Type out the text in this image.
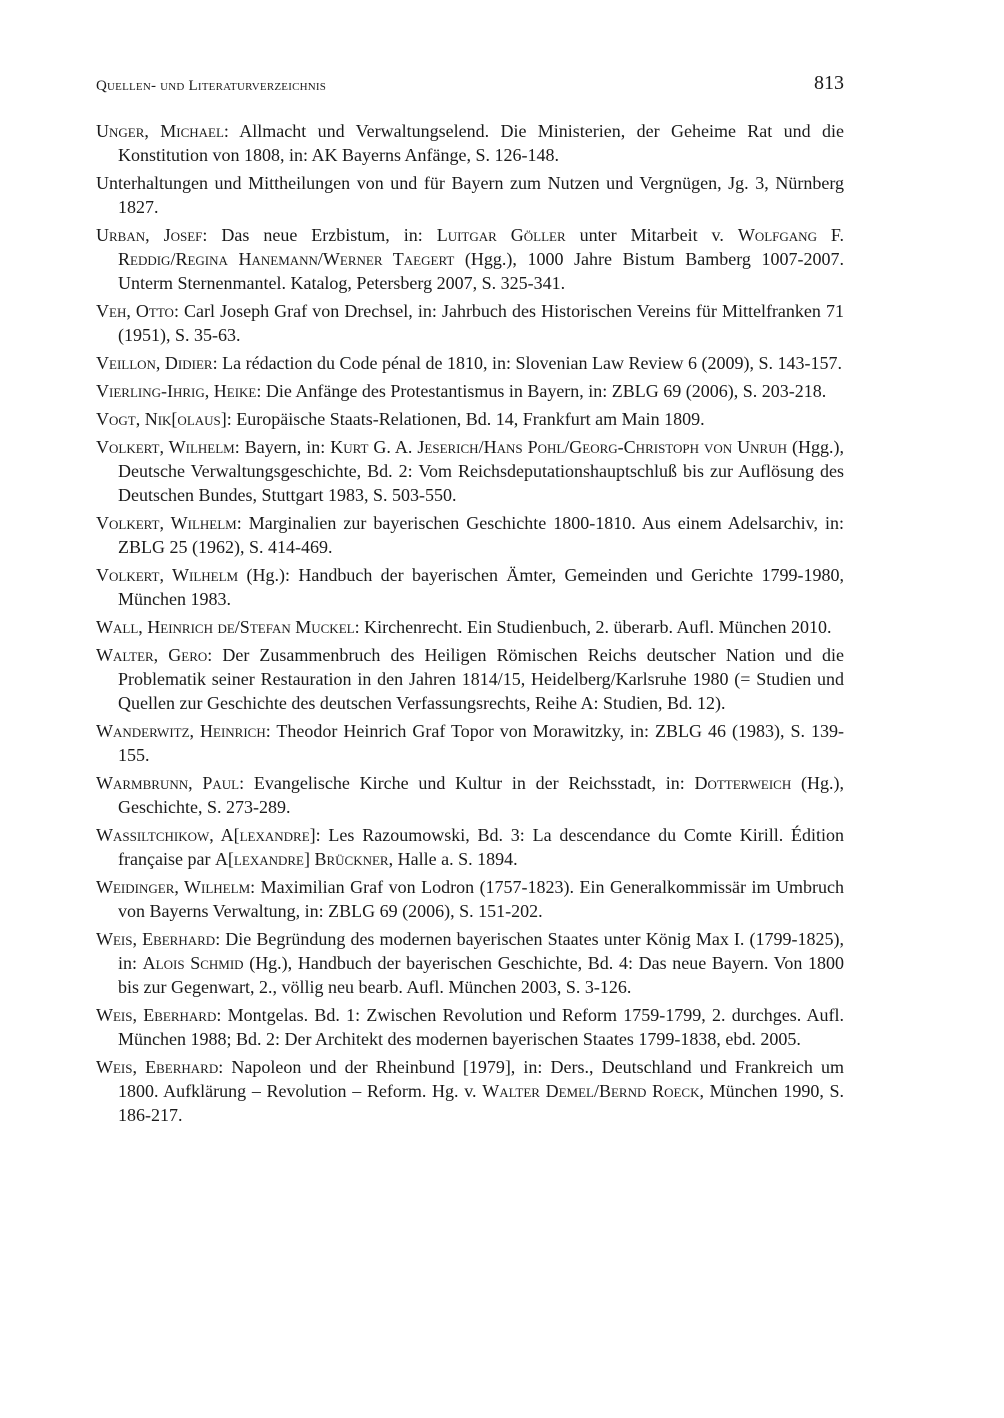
Quellen- und Literaturverzeichnis	813

Unger, Michael: Allmacht und Verwaltungselend. Die Ministerien, der Geheime Rat und die Konstitution von 1808, in: AK Bayerns Anfänge, S. 126-148.

Unterhaltungen und Mittheilungen von und für Bayern zum Nutzen und Vergnügen, Jg. 3, Nürnberg 1827.

Urban, Josef: Das neue Erzbistum, in: Luitgar Göller unter Mitarbeit v. Wolfgang F. Reddig/Regina Hanemann/Werner Taegert (Hgg.), 1000 Jahre Bistum Bamberg 1007-2007. Unterm Sternenmantel. Katalog, Petersberg 2007, S. 325-341.

Veh, Otto: Carl Joseph Graf von Drechsel, in: Jahrbuch des Historischen Vereins für Mittelfranken 71 (1951), S. 35-63.

Veillon, Didier: La rédaction du Code pénal de 1810, in: Slovenian Law Review 6 (2009), S. 143-157.

Vierling-Ihrig, Heike: Die Anfänge des Protestantismus in Bayern, in: ZBLG 69 (2006), S. 203-218.

Vogt, Nik[olaus]: Europäische Staats-Relationen, Bd. 14, Frankfurt am Main 1809.

Volkert, Wilhelm: Bayern, in: Kurt G. A. Jeserich/Hans Pohl/Georg-Christoph von Unruh (Hgg.), Deutsche Verwaltungsgeschichte, Bd. 2: Vom Reichsdeputationshauptschluß bis zur Auflösung des Deutschen Bundes, Stuttgart 1983, S. 503-550.

Volkert, Wilhelm: Marginalien zur bayerischen Geschichte 1800-1810. Aus einem Adelsarchiv, in: ZBLG 25 (1962), S. 414-469.

Volkert, Wilhelm (Hg.): Handbuch der bayerischen Ämter, Gemeinden und Gerichte 1799-1980, München 1983.

Wall, Heinrich de/Stefan Muckel: Kirchenrecht. Ein Studienbuch, 2. überarb. Aufl. München 2010.

Walter, Gero: Der Zusammenbruch des Heiligen Römischen Reichs deutscher Nation und die Problematik seiner Restauration in den Jahren 1814/15, Heidelberg/Karlsruhe 1980 (= Studien und Quellen zur Geschichte des deutschen Verfassungsrechts, Reihe A: Studien, Bd. 12).

Wanderwitz, Heinrich: Theodor Heinrich Graf Topor von Morawitzky, in: ZBLG 46 (1983), S. 139-155.

Warmbrunn, Paul: Evangelische Kirche und Kultur in der Reichsstadt, in: Dotterweich (Hg.), Geschichte, S. 273-289.

Wassiltchikow, A[lexandre]: Les Razoumowski, Bd. 3: La descendance du Comte Kirill. Édition française par A[lexandre] Brückner, Halle a. S. 1894.

Weidinger, Wilhelm: Maximilian Graf von Lodron (1757-1823). Ein Generalkommissär im Umbruch von Bayerns Verwaltung, in: ZBLG 69 (2006), S. 151-202.

Weis, Eberhard: Die Begründung des modernen bayerischen Staates unter König Max I. (1799-1825), in: Alois Schmid (Hg.), Handbuch der bayerischen Geschichte, Bd. 4: Das neue Bayern. Von 1800 bis zur Gegenwart, 2., völlig neu bearb. Aufl. München 2003, S. 3-126.

Weis, Eberhard: Montgelas. Bd. 1: Zwischen Revolution und Reform 1759-1799, 2. durchges. Aufl. München 1988; Bd. 2: Der Architekt des modernen bayerischen Staates 1799-1838, ebd. 2005.

Weis, Eberhard: Napoleon und der Rheinbund [1979], in: Ders., Deutschland und Frankreich um 1800. Aufklärung – Revolution – Reform. Hg. v. Walter Demel/Bernd Roeck, München 1990, S. 186-217.
